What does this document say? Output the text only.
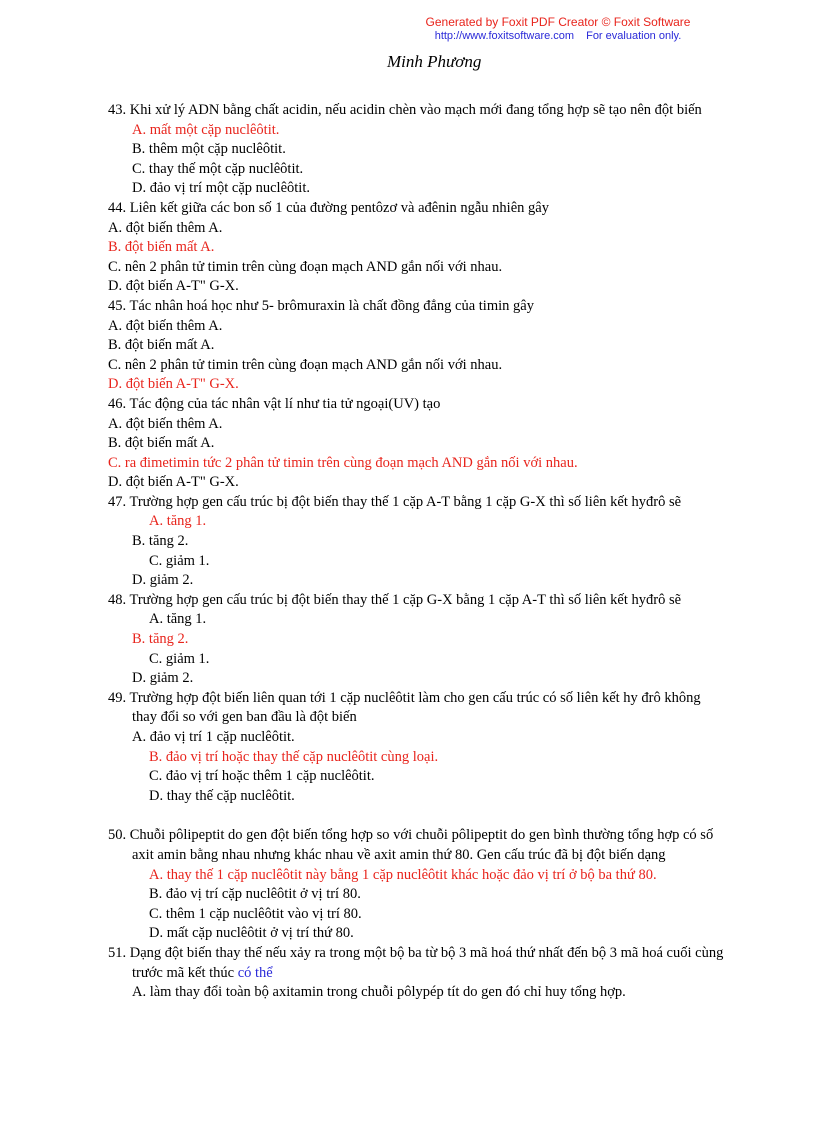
Generated by Foxit PDF Creator © Foxit Software
http://www.foxitsoftware.com For evaluation only.
Minh Phương
43. Khi xử lý ADN bằng chất acidin, nếu acidin chèn vào mạch mới đang tổng hợp sẽ tạo nên đột biến
A. mất một cặp nuclêôtit.
B. thêm một cặp nuclêôtit.
C. thay thế một cặp nuclêôtit.
D. đảo vị trí một cặp nuclêôtit.
44. Liên kết giữa các bon số 1 của đường pentôzơ và ađênin ngẫu nhiên gây
A. đột biến thêm A.
B. đột biến mất A.
C. nên 2 phân tử timin trên cùng đoạn mạch AND gắn nối với nhau.
D. đột biến A-T" G-X.
45. Tác nhân hoá học như 5- brômuraxin là chất đồng đẳng của timin gây
A. đột biến thêm A.
B. đột biến mất A.
C. nên 2 phân tử timin trên cùng đoạn mạch AND gắn nối với nhau.
D. đột biến A-T" G-X.
46. Tác động của tác nhân vật lí như tia tử ngoại(UV) tạo
A. đột biến thêm A.
B. đột biến mất A.
C. ra đimetimin tức 2 phân tử timin trên cùng đoạn mạch AND gắn nối với nhau.
D. đột biến A-T" G-X.
47. Trường hợp gen cấu trúc bị đột biến thay thế 1 cặp A-T bằng 1 cặp G-X thì số liên kết hyđrô sẽ
A. tăng 1.
B. tăng 2.
C. giảm 1.
D. giảm 2.
48. Trường hợp gen cấu trúc bị đột biến thay thế 1 cặp G-X bằng 1 cặp A-T thì số liên kết hyđrô sẽ
A. tăng 1.
B. tăng 2.
C. giảm 1.
D. giảm 2.
49. Trường hợp đột biến liên quan tới 1 cặp nuclêôtit làm cho gen cấu trúc có số liên kết hy đrô không
thay đổi so với gen ban đầu là đột biến
A. đảo vị trí 1 cặp nuclêôtit.
B. đảo vị trí hoặc thay thế cặp nuclêôtit cùng loại.
C. đảo vị trí hoặc thêm 1 cặp nuclêôtit.
D. thay thế cặp nuclêôtit.
50. Chuỗi pôlipeptit do gen đột biến tổng hợp so với chuỗi pôlipeptit do gen bình thường tổng hợp có số
axit amin bằng nhau nhưng khác nhau về axit amin thứ 80. Gen cấu trúc đã bị đột biến dạng
A. thay thế 1 cặp nuclêôtit này bằng 1 cặp nuclêôtit khác hoặc đảo vị trí ở bộ ba thứ 80.
B. đảo vị trí cặp nuclêôtit ở vị trí 80.
C. thêm 1 cặp nuclêôtit vào vị trí 80.
D. mất cặp nuclêôtit ở vị trí thứ 80.
51. Dạng đột biến thay thế nếu xảy ra trong một bộ ba từ bộ 3 mã hoá thứ nhất đến bộ 3 mã hoá cuối cùng
trước mã kết thúc có thể
A. làm thay đổi toàn bộ axitamin trong chuỗi pôlypép tít do gen đó chỉ huy tổng hợp.
